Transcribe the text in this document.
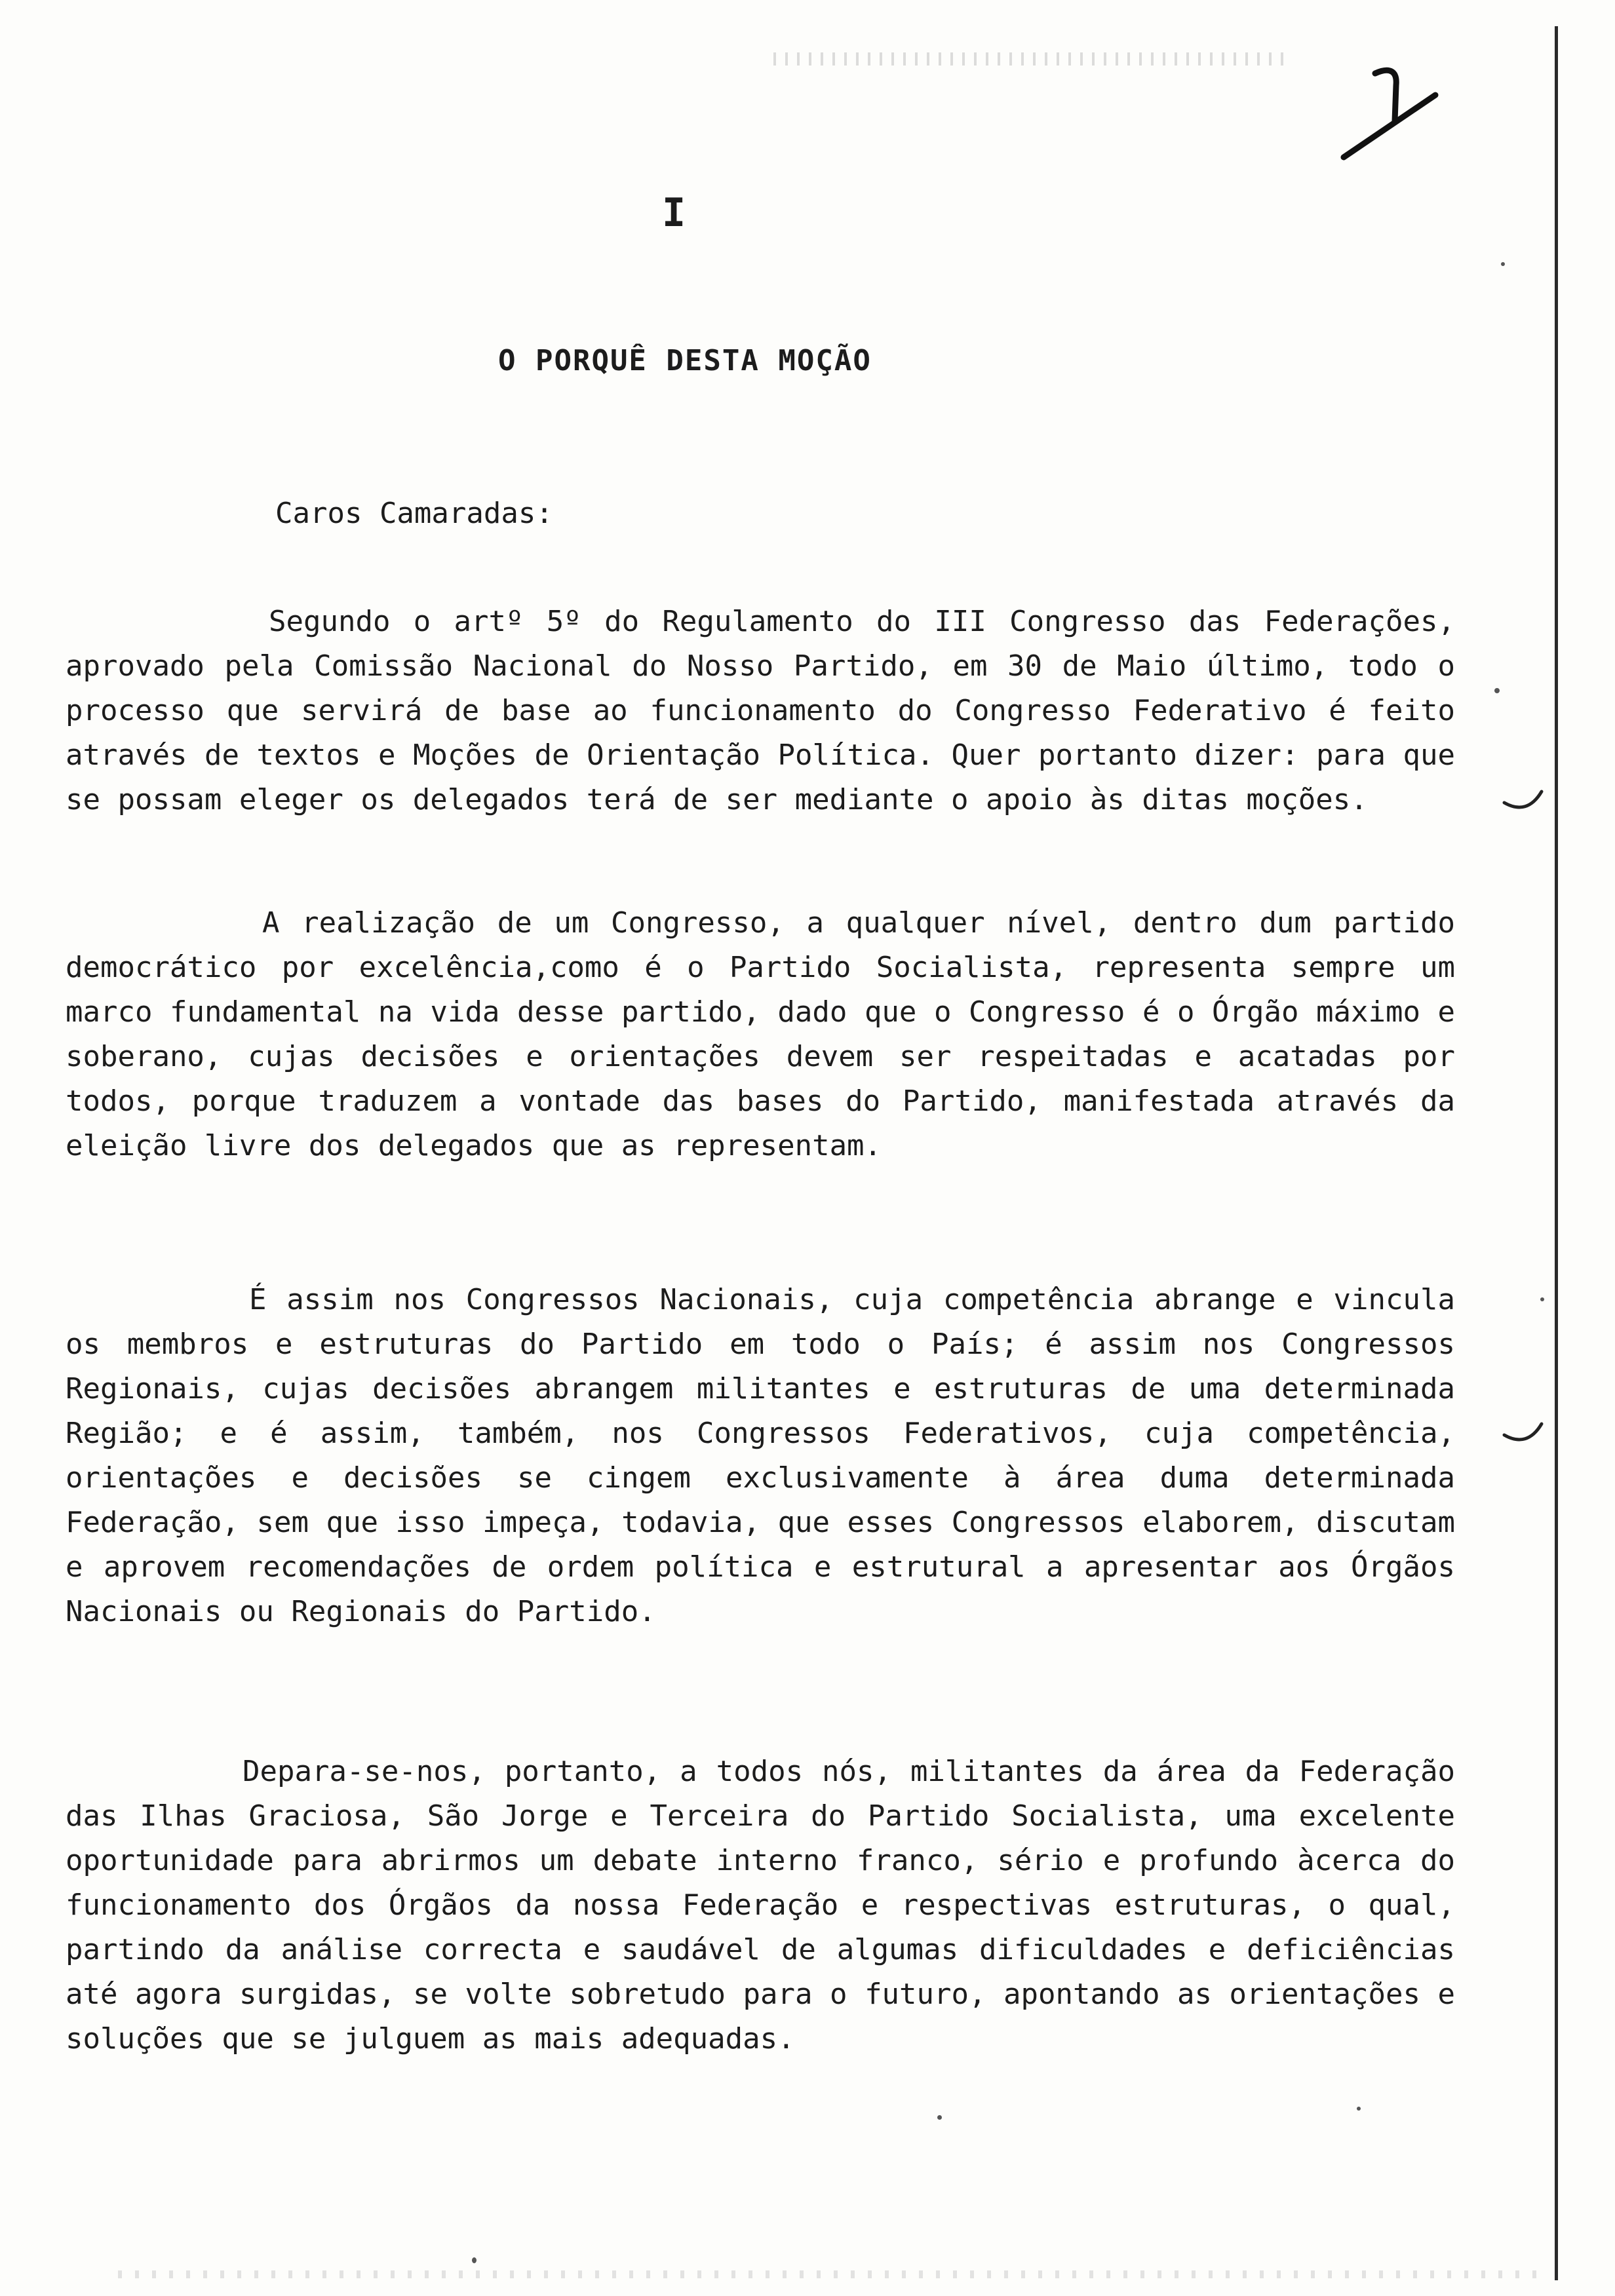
I
O PORQUÊ DESTA MOÇÃO
Caros Camaradas:

Segundo o artº 5º do Regulamento do III Congresso das Federações, aprovado pela Comissão Nacional do Nosso Partido, em 30 de Maio último, todo o processo que servirá de base ao funcionamento do Congresso Federativo é feito através de textos e Moções de Orientação Política. Quer portanto dizer: para que se possam eleger os delegados terá de ser mediante o apoio às ditas moções.

A realização de um Congresso, a qualquer nível, dentro dum partido democrático por excelência,como é o Partido Socialista, representa sempre um marco fundamental na vida desse partido, dado que o Congresso é o Órgão máximo e soberano, cujas decisões e orientações devem ser respeitadas e acatadas por todos, porque traduzem a vontade das bases do Partido, manifestada através da eleição livre dos delegados que as representam.

É assim nos Congressos Nacionais, cuja competência abrange e vincula os membros e estruturas do Partido em todo o País; é assim nos Congressos Regionais, cujas decisões abrangem militantes e estruturas de uma determinada Região; e é assim, também, nos Congressos Federativos, cuja competência, orientações e decisões se cingem exclusivamente à área duma determinada Federação, sem que isso impeça, todavia, que esses Congressos elaborem, discutam e aprovem recomendações de ordem política e estrutural a apresentar aos Órgãos Nacionais ou Regionais do Partido.

Depara-se-nos, portanto, a todos nós, militantes da área da Federação das Ilhas Graciosa, São Jorge e Terceira do Partido Socialista, uma excelente oportunidade para abrirmos um debate interno franco, sério e profundo àcerca do funcionamento dos Órgãos da nossa Federação e respectivas estruturas, o qual, partindo da análise correcta e saudável de algumas dificuldades e deficiências até agora surgidas, se volte sobretudo para o futuro, apontando as orientações e soluções que se julguem as mais adequadas.
